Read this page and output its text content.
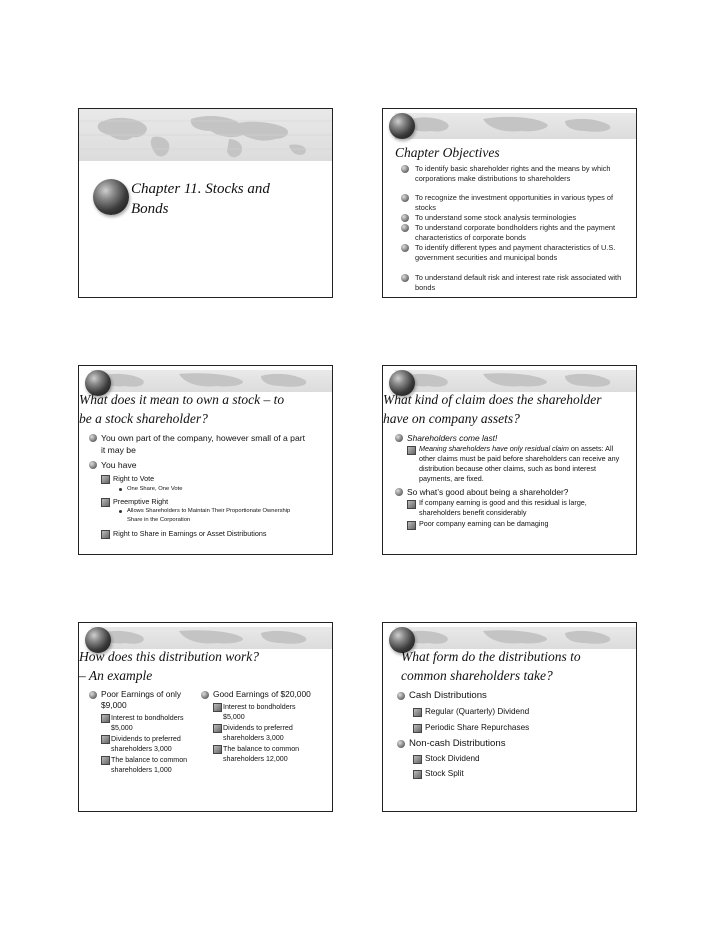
Chapter 11. Stocks and Bonds
Chapter Objectives
To identify basic shareholder rights and the means by which corporations make distributions to shareholders
To recognize the investment opportunities in various types of stocks
To understand some stock analysis terminologies
To understand corporate bondholders rights and the payment characteristics of corporate bonds
To identify different types and payment characteristics of U.S. government securities and municipal bonds
To understand default risk and interest rate risk associated with bonds
What does it mean to own a stock – to
be a stock shareholder?
You own part of the company, however small of a part it may be
You have
Right to Vote
One Share, One Vote
Preemptive Right
Allows Shareholders to Maintain Their Proportionate Ownership Share in the Corporation
Right to Share in Earnings or Asset Distributions
What kind of claim does the shareholder
have on company assets?
Shareholders come last!
Meaning shareholders have only residual claim on assets: All other claims must be paid before shareholders can receive any distribution because other claims, such as bond interest payments, are fixed.
So what’s good about being a shareholder?
If company earning is good and this residual is large, shareholders benefit considerably
Poor company earning can be damaging
How does this distribution work?
– An example
Poor Earnings of only $9,000
Interest to bondholders $5,000
Dividends to preferred shareholders 3,000
The balance to common shareholders 1,000
Good Earnings of $20,000
Interest to bondholders $5,000
Dividends to preferred shareholders 3,000
The balance to common shareholders 12,000
What form do the distributions to
common shareholders take?
Cash Distributions
Regular (Quarterly) Dividend
Periodic Share Repurchases
Non-cash Distributions
Stock Dividend
Stock Split
